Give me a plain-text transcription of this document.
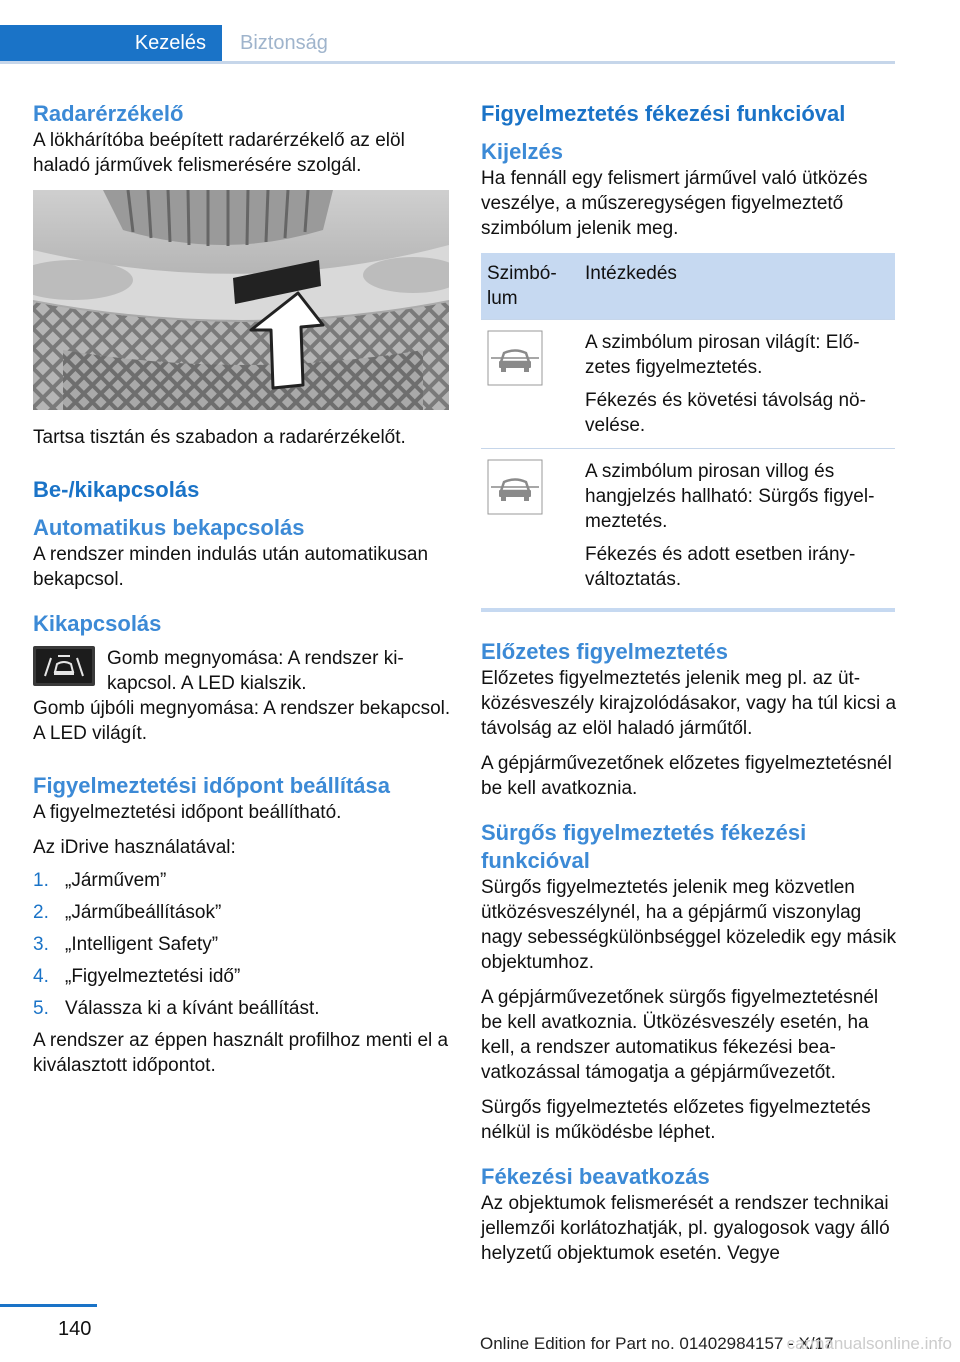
Kezelés	Biztonság
Radarérzékelő

A lökhárítóba beépített radarérzékelő az elöl haladó járművek felismerésére szolgál.

Tartsa tisztán és szabadon a radarérzékelőt.

Be-/kikapcsolás
Automatikus bekapcsolás

A rendszer minden indulás után automatikusan bekapcsol.

Kikapcsolás

Gomb megnyomása: A rendszer kikapcsol. A LED kialszik.

Gomb újbóli megnyomása: A rendszer bekapcsol. A LED világít.

Figyelmeztetési időpont beállítása

A figyelmeztetési időpont beállítható.

Az iDrive használatával:

1. „Járművem”
2. „Járműbeállítások”
3. „Intelligent Safety”
4. „Figyelmeztetési idő”
5. Válassza ki a kívánt beállítást.

A rendszer az éppen használt profilhoz menti el a kiválasztott időpontot.

Figyelmeztetés fékezési funkcióval
Kijelzés

Ha fennáll egy felismert járművel való ütközés veszélye, a műszeregységen figyelmeztető szimbólum jelenik meg.

Szimbólum	Intézkedés

A szimbólum pirosan világít: Előzetes figyelmeztetés.

Fékezés és követési távolság növelése.

A szimbólum pirosan villog és hangjelzés hallható: Sürgős figyelmeztetés.

Fékezés és adott esetben irányváltoztatás.

Előzetes figyelmeztetés

Előzetes figyelmeztetés jelenik meg pl. az ütközésveszély kirajzolódásakor, vagy ha túl kicsi a távolság az elöl haladó járműtől.

A gépjárművezetőnek előzetes figyelmeztetésnél be kell avatkoznia.

Sürgős figyelmeztetés fékezési funkcióval

Sürgős figyelmeztetés jelenik meg közvetlen ütközésveszélynél, ha a gépjármű viszonylag nagy sebességkülönbséggel közeledik egy másik objektumhoz.

A gépjárművezetőnek sürgős figyelmeztetésnél be kell avatkoznia. Ütközésveszély esetén, ha kell, a rendszer automatikus fékezési beavatkozással támogatja a gépjárművezetőt.

Sürgős figyelmeztetés előzetes figyelmeztetés nélkül is működésbe léphet.

Fékezési beavatkozás

Az objektumok felismerését a rendszer technikai jellemzői korlátozhatják, pl. gyalogosok vagy álló helyzetű objektumok esetén. Vegye

140
Online Edition for Part no. 01402984157 - X/17
carmanualsonline.info
